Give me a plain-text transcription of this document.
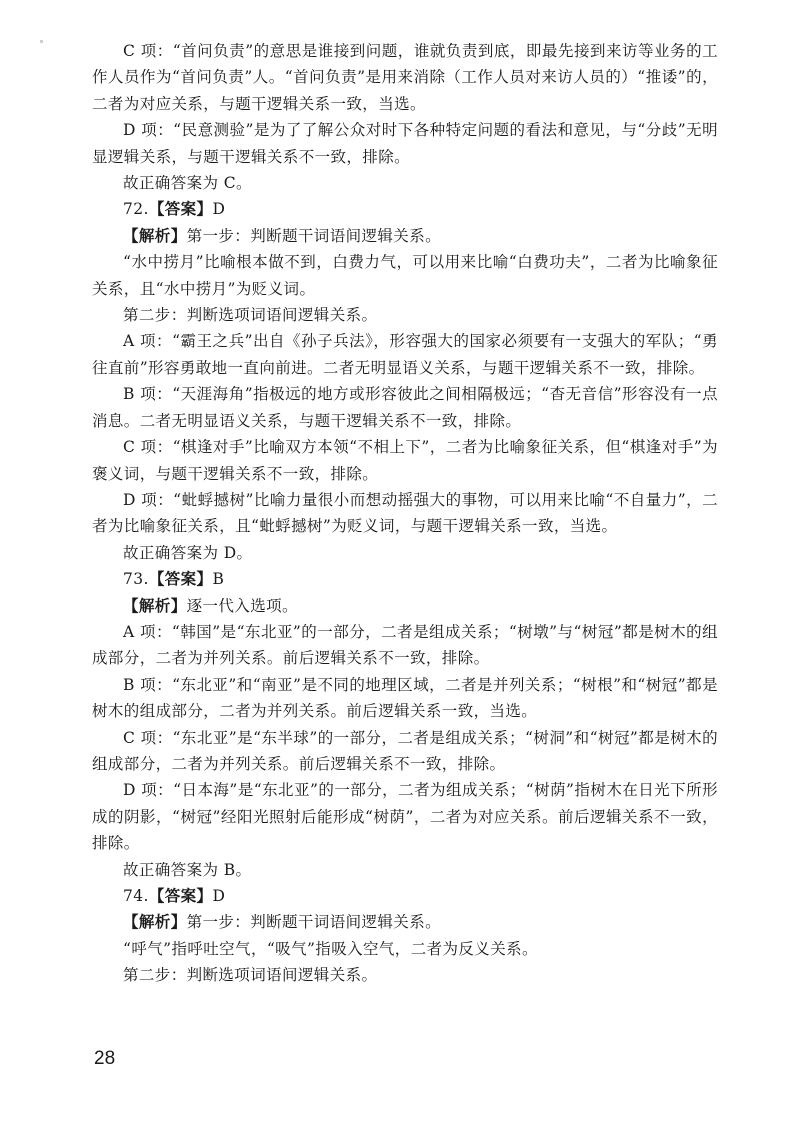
C 项：“首问负责”的意思是谁接到问题，谁就负责到底，即最先接到来访等业务的工作人员作为“首问负责”人。“首问负责”是用来消除（工作人员对来访人员的）“推诿”的，二者为对应关系，与题干逻辑关系一致，当选。

D 项：“民意测验”是为了了解公众对时下各种特定问题的看法和意见，与“分歧”无明显逻辑关系，与题干逻辑关系不一致，排除。

故正确答案为 C。

72.【答案】D

【解析】第一步：判断题干词语间逻辑关系。

“水中捞月”比喻根本做不到，白费力气，可以用来比喻“白费功夫”，二者为比喻象征关系，且“水中捞月”为贬义词。

第二步：判断选项词语间逻辑关系。

A 项：“霸王之兵”出自《孙子兵法》，形容强大的国家必须要有一支强大的军队；“勇往直前”形容勇敢地一直向前进。二者无明显语义关系，与题干逻辑关系不一致，排除。

B 项：“天涯海角”指极远的地方或形容彼此之间相隔极远；“杳无音信”形容没有一点消息。二者无明显语义关系，与题干逻辑关系不一致，排除。

C 项：“棋逢对手”比喻双方本领“不相上下”，二者为比喻象征关系，但“棋逢对手”为褒义词，与题干逻辑关系不一致，排除。

D 项：“蚍蜉撼树”比喻力量很小而想动摇强大的事物，可以用来比喻“不自量力”，二者为比喻象征关系，且“蚍蜉撼树”为贬义词，与题干逻辑关系一致，当选。

故正确答案为 D。

73.【答案】B

【解析】逐一代入选项。

A 项：“韩国”是“东北亚”的一部分，二者是组成关系；“树墩”与“树冠”都是树木的组成部分，二者为并列关系。前后逻辑关系不一致，排除。

B 项：“东北亚”和“南亚”是不同的地理区域，二者是并列关系；“树根”和“树冠”都是树木的组成部分，二者为并列关系。前后逻辑关系一致，当选。

C 项：“东北亚”是“东半球”的一部分，二者是组成关系；“树洞”和“树冠”都是树木的组成部分，二者为并列关系。前后逻辑关系不一致，排除。

D 项：“日本海”是“东北亚”的一部分，二者为组成关系；“树荫”指树木在日光下所形成的阴影，“树冠”经阳光照射后能形成“树荫”，二者为对应关系。前后逻辑关系不一致，排除。

故正确答案为 B。

74.【答案】D

【解析】第一步：判断题干词语间逻辑关系。

“呼气”指呼吐空气，“吸气”指吸入空气，二者为反义关系。

第二步：判断选项词语间逻辑关系。

28
